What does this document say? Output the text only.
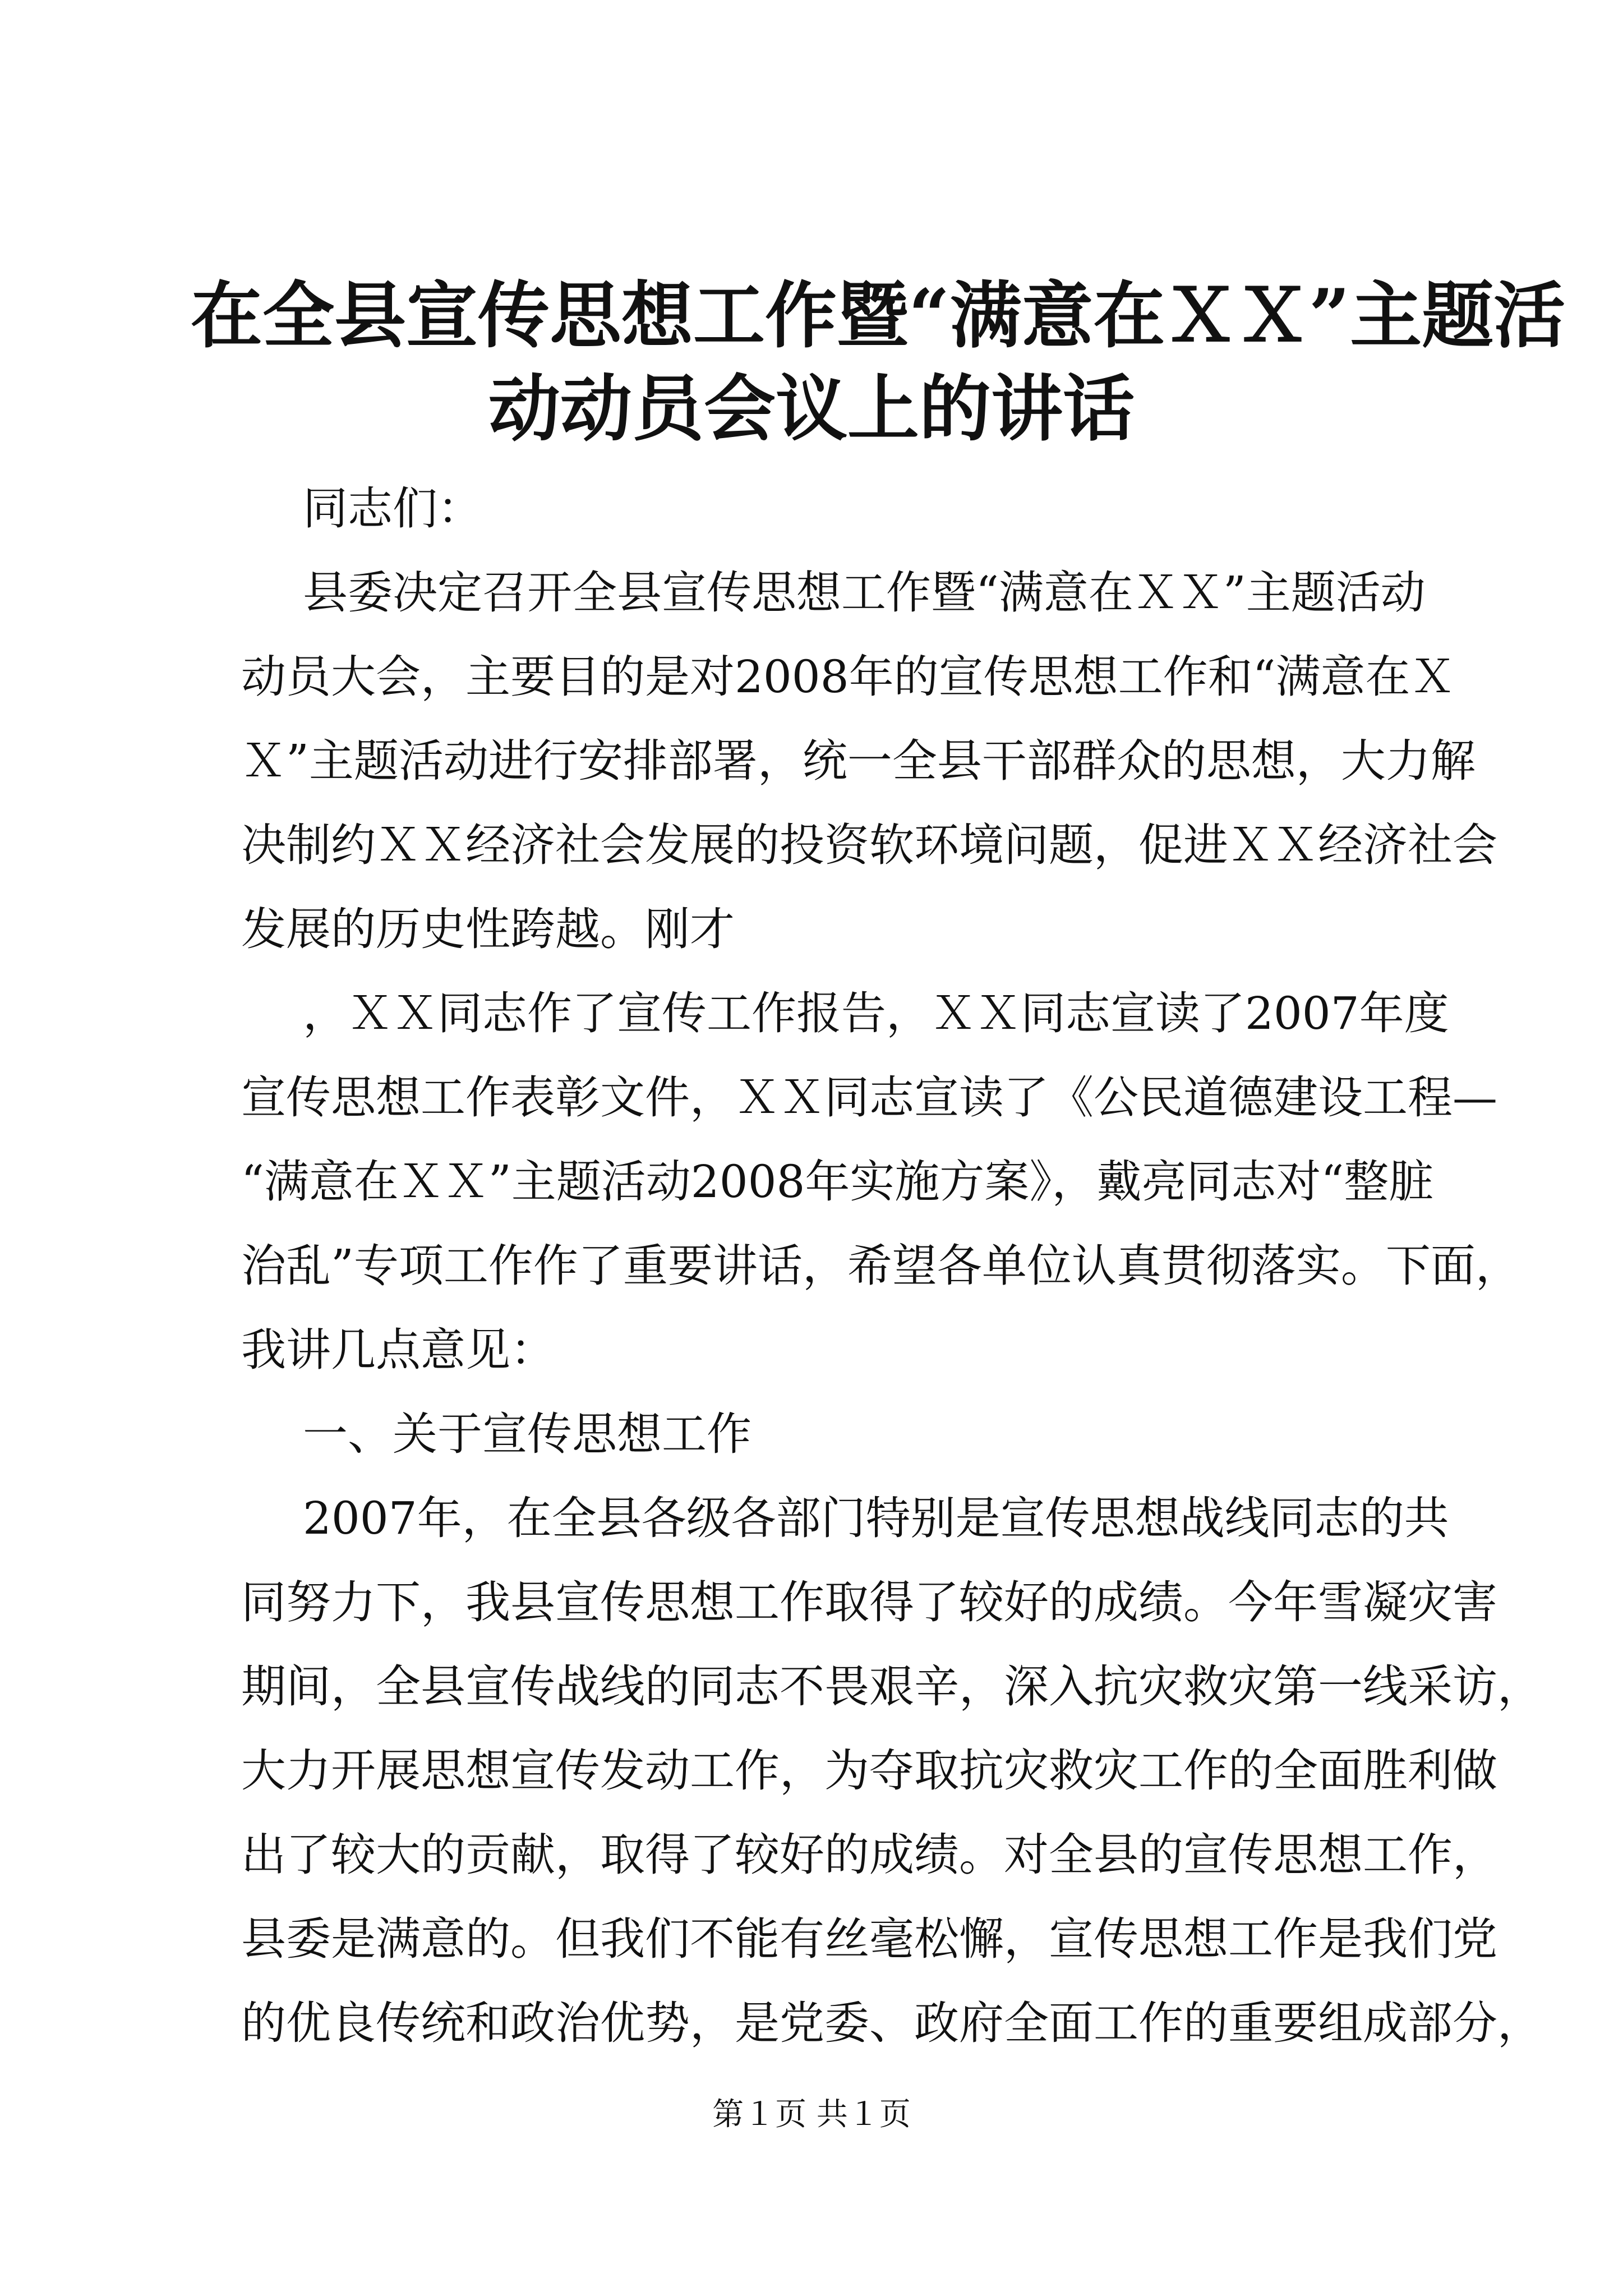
在全县宣传思想工作暨“满意在ＸＸ”主题活
动动员会议上的讲话
同志们：
县委决定召开全县宣传思想工作暨“满意在ＸＸ”主题活动
动员大会，主要目的是对2008年的宣传思想工作和“满意在Ｘ
Ｘ”主题活动进行安排部署，统一全县干部群众的思想，大力解
决制约ＸＸ经济社会发展的投资软环境问题，促进ＸＸ经济社会
发展的历史性跨越。刚才
，ＸＸ同志作了宣传工作报告，ＸＸ同志宣读了2007年度
宣传思想工作表彰文件，ＸＸ同志宣读了《公民道德建设工程—
“满意在ＸＸ”主题活动2008年实施方案》，戴亮同志对“整脏
治乱”专项工作作了重要讲话，希望各单位认真贯彻落实。下面，
我讲几点意见：
一、关于宣传思想工作
2007年，在全县各级各部门特别是宣传思想战线同志的共
同努力下，我县宣传思想工作取得了较好的成绩。今年雪凝灾害
期间，全县宣传战线的同志不畏艰辛，深入抗灾救灾第一线采访，
大力开展思想宣传发动工作，为夺取抗灾救灾工作的全面胜利做
出了较大的贡献，取得了较好的成绩。对全县的宣传思想工作，
县委是满意的。但我们不能有丝毫松懈，宣传思想工作是我们党
的优良传统和政治优势，是党委、政府全面工作的重要组成部分，
第１页 共１页
